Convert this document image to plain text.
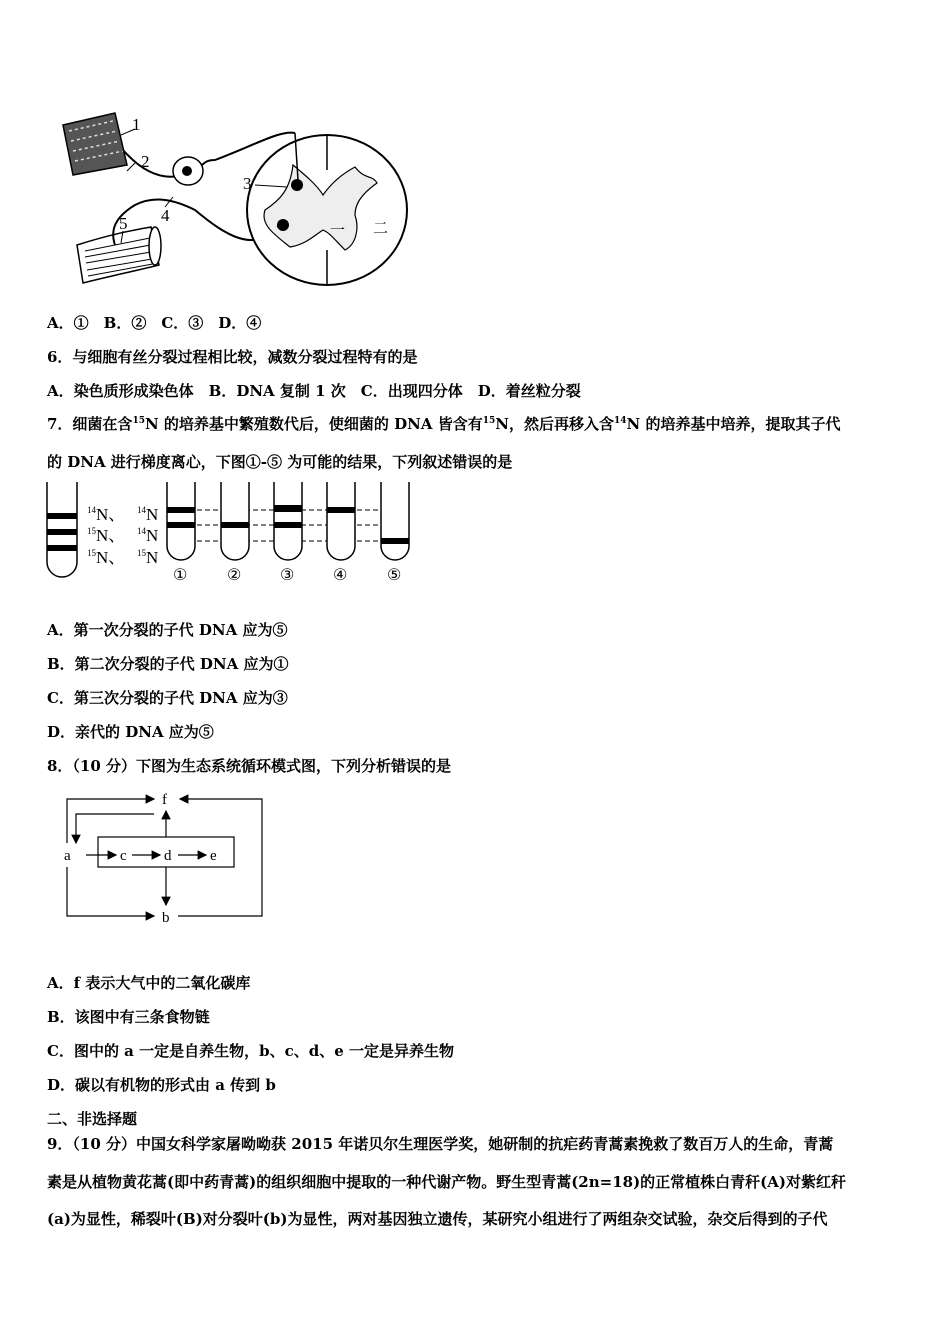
1
2
3
4
5	一 二
A．①　B．②　C．③　D．④
6．与细胞有丝分裂过程相比较，减数分裂过程特有的是
A．染色质形成染色体　B．DNA 复制 1 次　C．出现四分体　D．着丝粒分裂
7．细菌在含$^{15}$N 的培养基中繁殖数代后，使细菌的 DNA 皆含有$^{15}$N，然后再移入含$^{14}$N 的培养基中培养，提取其子代
的 DNA 进行梯度离心，下图①-⑤ 为可能的结果，下列叙述错误的是
$^{14}$N、
$^{15}$N、
$^{15}$N、
$^{14}$N
$^{14}$N
$^{15}$N
① ② ③ ④ ⑤
A．第一次分裂的子代 DNA 应为⑤
B．第二次分裂的子代 DNA 应为①
C．第三次分裂的子代 DNA 应为③
D．亲代的 DNA 应为⑤
8．（10 分）下图为生态系统循环模式图，下列分析错误的是
f
a	c d	e
b
A．f 表示大气中的二氧化碳库
B．该图中有三条食物链
C．图中的 a 一定是自养生物，b、c、d、e 一定是异养生物
D．碳以有机物的形式由 a 传到 b
二、非选择题
9．（10 分）中国女科学家屠呦呦获 2015 年诺贝尔生理医学奖，她研制的抗疟药青蒿素挽救了数百万人的生命，青蒿
素是从植物黄花蒿(即中药青蒿)的组织细胞中提取的一种代谢产物。野生型青蒿(2n=18)的正常植株白青秆(A)对紫红秆
(a)为显性，稀裂叶(B)对分裂叶(b)为显性，两对基因独立遗传，某研究小组进行了两组杂交试验，杂交后得到的子代
